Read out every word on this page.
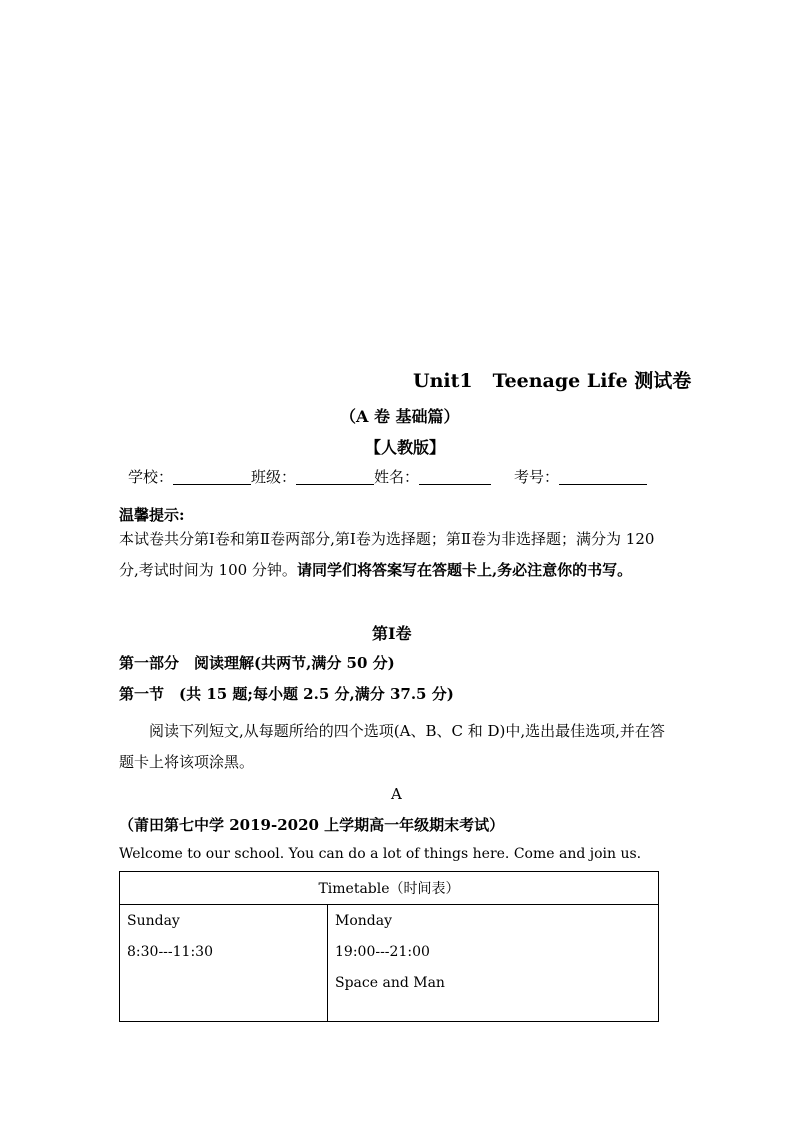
Unit1 Teenage Life 测试卷
（A 卷 基础篇）
【人教版】
学校：	班级：	姓名：	考号：
温馨提示:
本试卷共分第Ⅰ卷和第Ⅱ卷两部分,第Ⅰ卷为选择题；第Ⅱ卷为非选择题；满分为 120 分,考试时间为 100 分钟。请同学们将答案写在答题卡上,务必注意你的书写。
第Ⅰ卷
第一部分　阅读理解(共两节,满分 50 分)
第一节　(共 15 题;每小题 2.5 分,满分 37.5 分)
阅读下列短文,从每题所给的四个选项(A、B、C 和 D)中,选出最佳选项,并在答题卡上将该项涂黑。
A
（莆田第七中学 2019-2020 上学期高一年级期末考试）
Welcome to our school. You can do a lot of things here. Come and join us.
Timetable（时间表）

Sunday
8:30---11:30

Monday
19:00---21:00
Space and Man
